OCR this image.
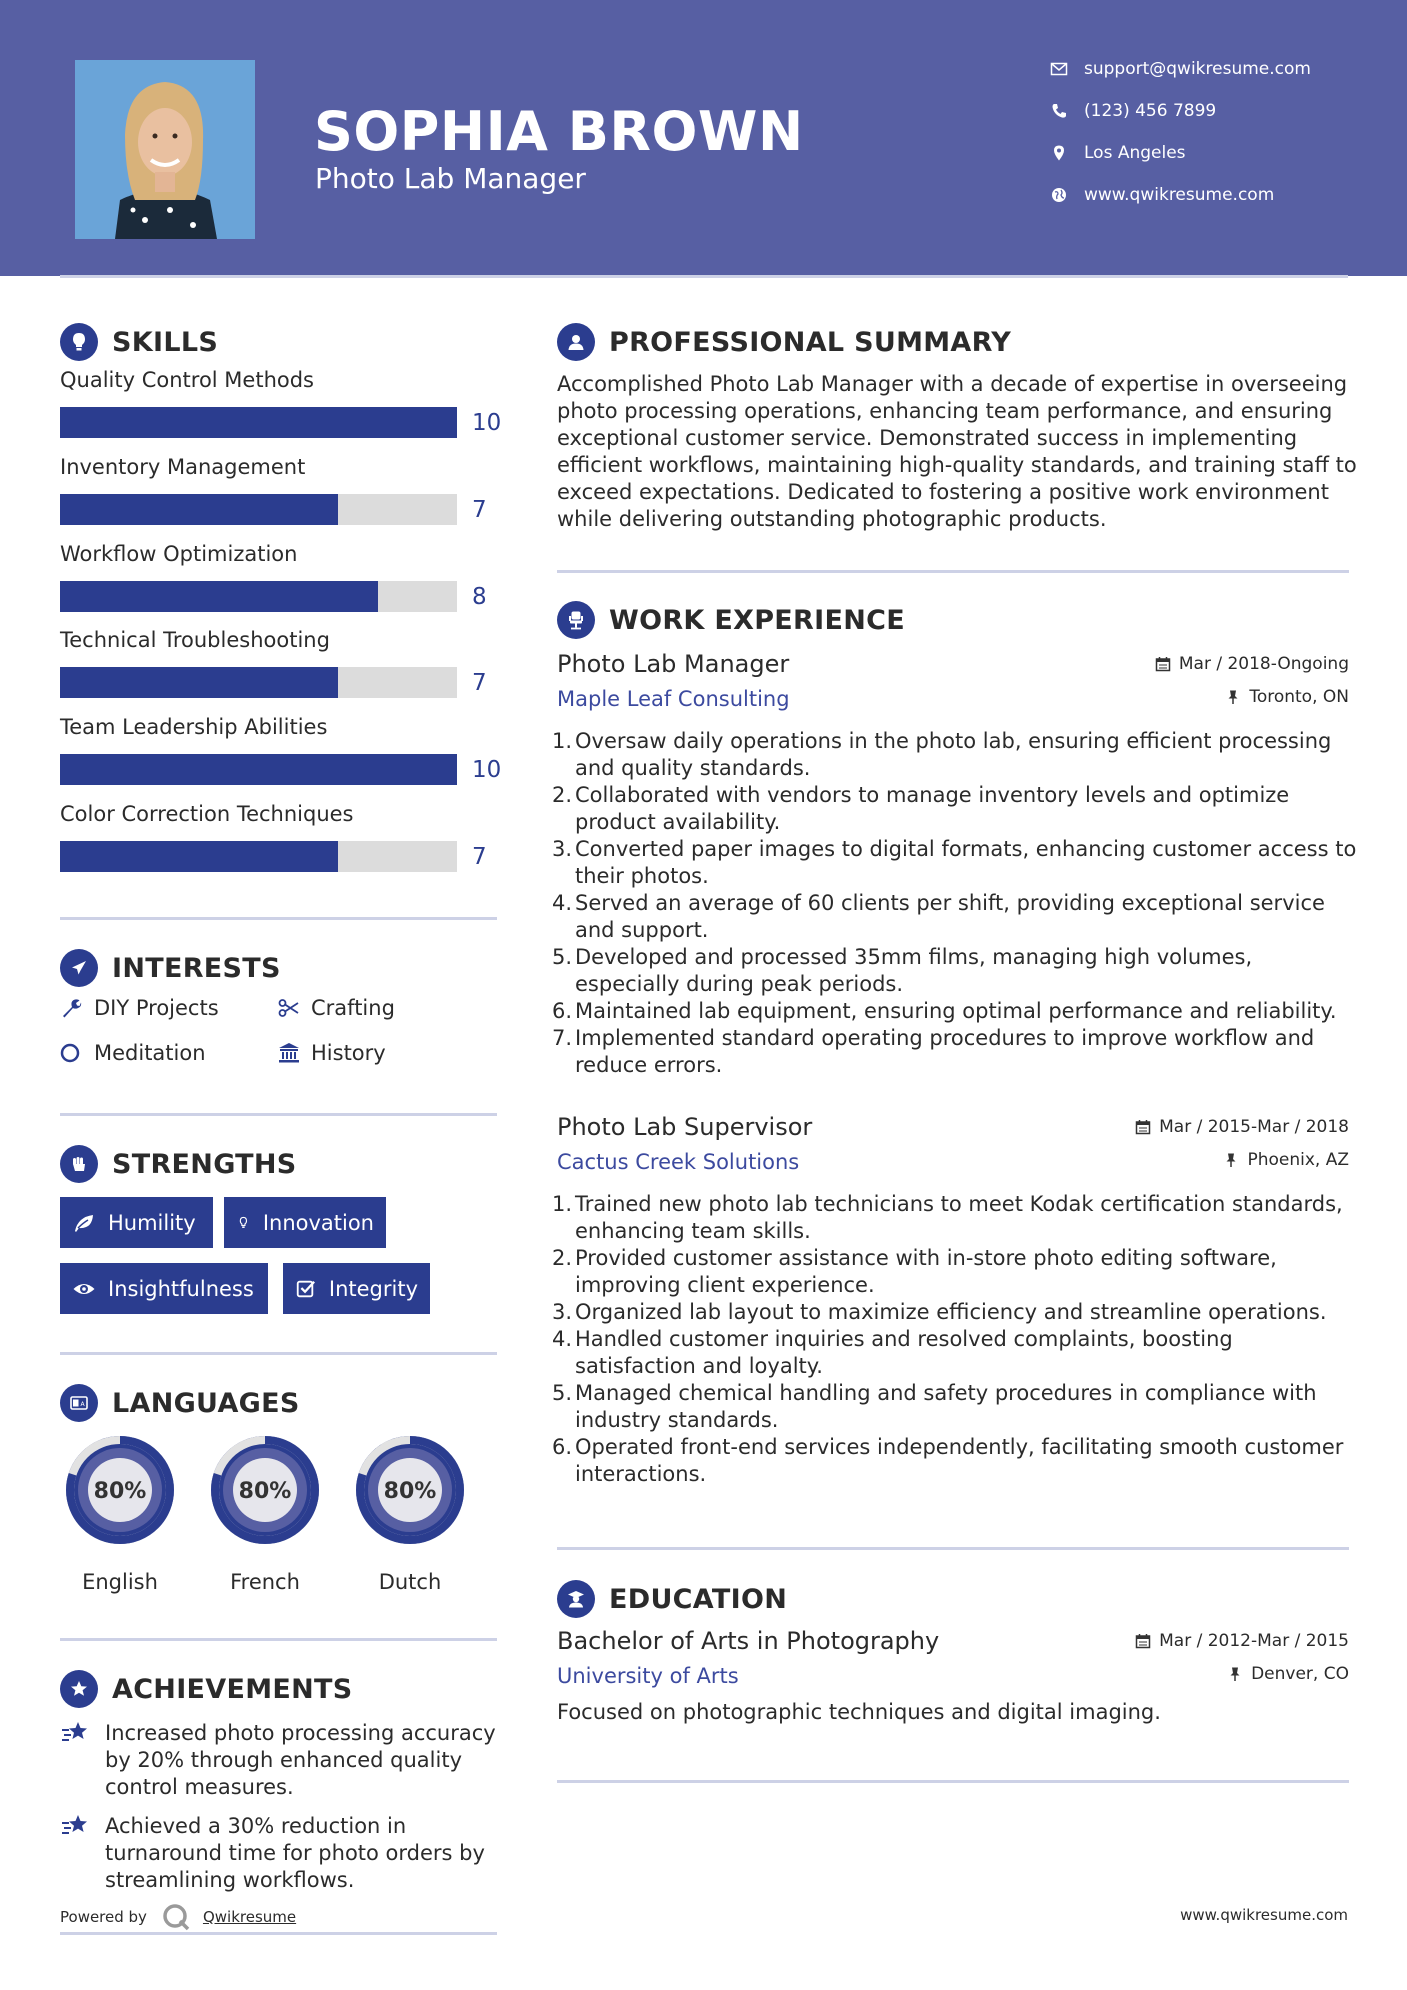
SOPHIA BROWN
Photo Lab Manager
support@qwikresume.com
(123) 456 7899
Los Angeles
www.qwikresume.com
SKILLS
Quality Control Methods
10
Inventory Management
7
Workflow Optimization
8
Technical Troubleshooting
7
Team Leadership Abilities
10
Color Correction Techniques
7
INTERESTS
DIY Projects	Crafting
Meditation	History
STRENGTHS
Humility	Innovation
Insightfulness	Integrity
A LANGUAGES
80%
English
80%
French
80%
Dutch
ACHIEVEMENTS
Increased photo processing accuracy by 20% through enhanced quality control measures.
Achieved a 30% reduction in turnaround time for photo orders by streamlining workflows.
Powered by	Qwikresume	www.qwikresume.com
PROFESSIONAL SUMMARY
Accomplished Photo Lab Manager with a decade of expertise in overseeing photo processing operations, enhancing team performance, and ensuring exceptional customer service. Demonstrated success in implementing efficient workflows, maintaining high-quality standards, and training staff to exceed expectations. Dedicated to fostering a positive work environment while delivering outstanding photographic products.
WORK EXPERIENCE
Photo Lab Manager
Maple Leaf Consulting
Mar / 2018-Ongoing
Toronto, ON
Oversaw daily operations in the photo lab, ensuring efficient processing and quality standards.
Collaborated with vendors to manage inventory levels and optimize product availability.
Converted paper images to digital formats, enhancing customer access to their photos.
Served an average of 60 clients per shift, providing exceptional service and support.
Developed and processed 35mm films, managing high volumes, especially during peak periods.
Maintained lab equipment, ensuring optimal performance and reliability.
Implemented standard operating procedures to improve workflow and reduce errors.
Photo Lab Supervisor
Cactus Creek Solutions
Mar / 2015-Mar / 2018
Phoenix, AZ
Trained new photo lab technicians to meet Kodak certification standards, enhancing team skills.
Provided customer assistance with in-store photo editing software, improving client experience.
Organized lab layout to maximize efficiency and streamline operations.
Handled customer inquiries and resolved complaints, boosting satisfaction and loyalty.
Managed chemical handling and safety procedures in compliance with industry standards.
Operated front-end services independently, facilitating smooth customer interactions.
EDUCATION
Bachelor of Arts in Photography
University of Arts
Mar / 2012-Mar / 2015
Denver, CO
Focused on photographic techniques and digital imaging.
